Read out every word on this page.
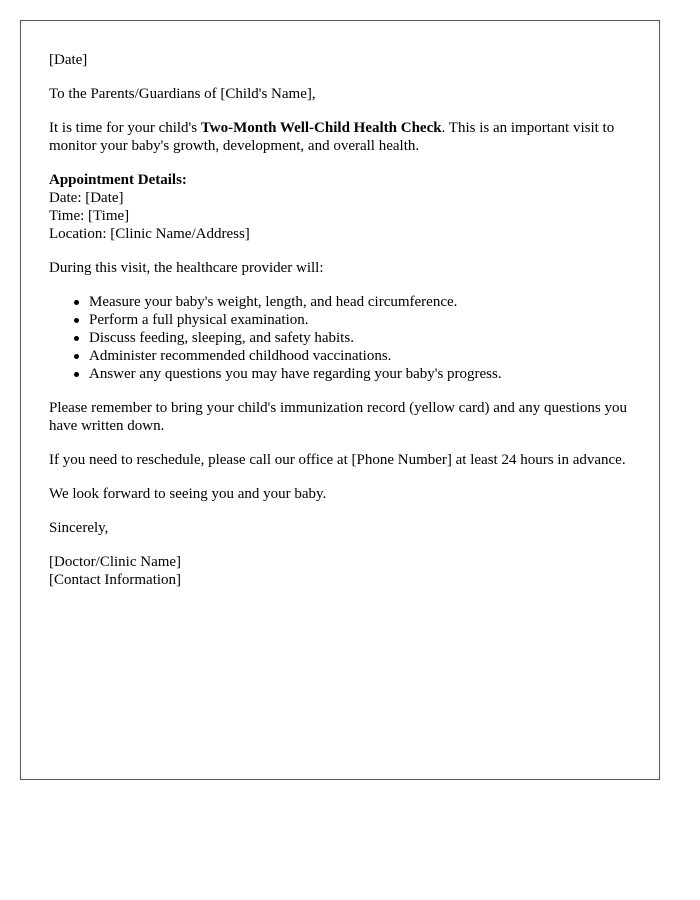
[Date]

To the Parents/Guardians of [Child's Name],

It is time for your child's Two-Month Well-Child Health Check. This is an important visit to monitor your baby's growth, development, and overall health.

Appointment Details:
Date: [Date]
Time: [Time]
Location: [Clinic Name/Address]

During this visit, the healthcare provider will:

Measure your baby's weight, length, and head circumference.
Perform a full physical examination.
Discuss feeding, sleeping, and safety habits.
Administer recommended childhood vaccinations.
Answer any questions you may have regarding your baby's progress.

Please remember to bring your child's immunization record (yellow card) and any questions you have written down.

If you need to reschedule, please call our office at [Phone Number] at least 24 hours in advance.

We look forward to seeing you and your baby.

Sincerely,

[Doctor/Clinic Name]
[Contact Information]
